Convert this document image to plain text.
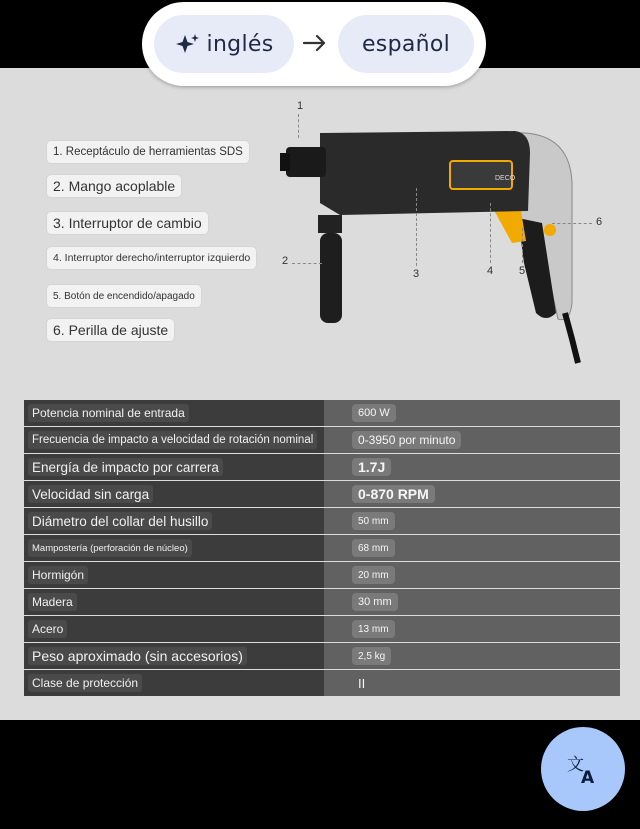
inglés	español
1. Receptáculo de herramientas SDS
2. Mango acoplable
3. Interruptor de cambio
4. Interruptor derecho/interruptor izquierdo
5. Botón de encendido/apagado
6. Perilla de ajuste
DECO
1
2
3	4 5
6
Potencia nominal de entrada	600 W
Frecuencia de impacto a velocidad de rotación nominal	0-3950 por minuto
Energía de impacto por carrera	1.7J
Velocidad sin carga	0-870 RPM
Diámetro del collar del husillo	50 mm
Mampostería (perforación de núcleo)	68 mm
Hormigón	20 mm
Madera	30 mm
Acero	13 mm
Peso aproximado (sin accesorios)	2,5 kg
Clase de protección	II
文
A
